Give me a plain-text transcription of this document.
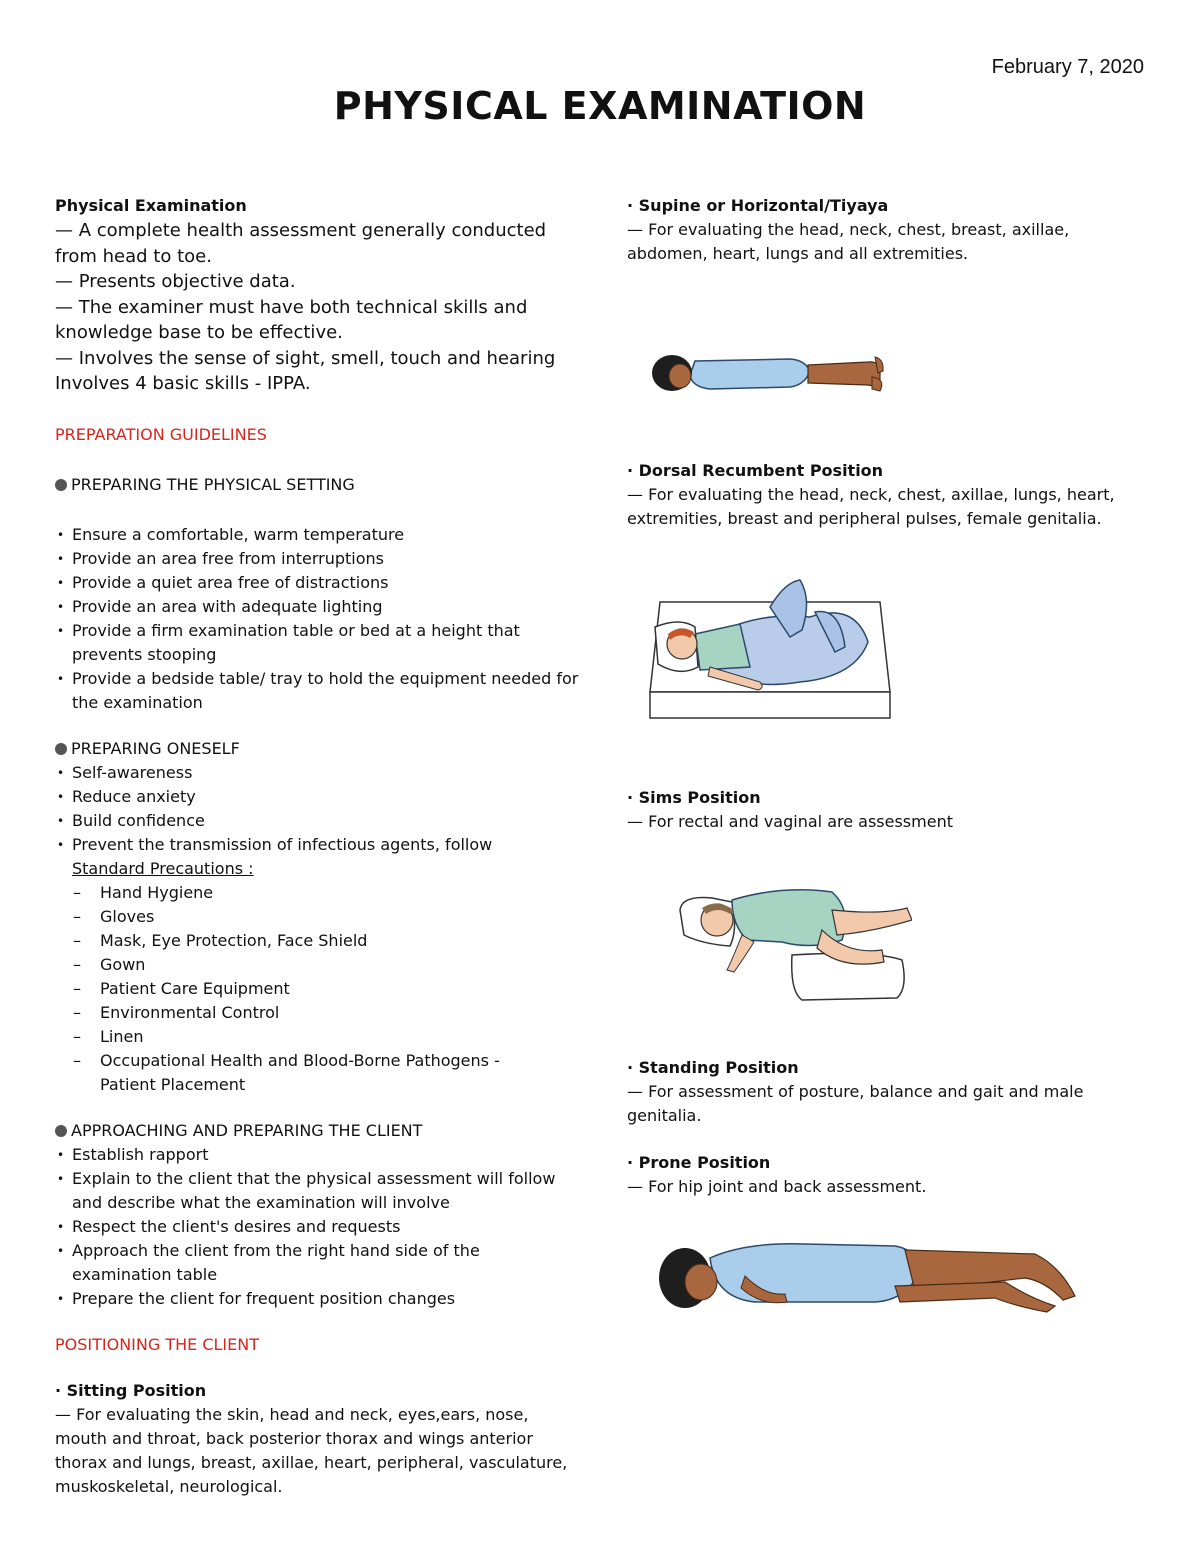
February 7, 2020
PHYSICAL EXAMINATION
Physical Examination
— A complete health assessment generally conducted from head to toe.
— Presents objective data.
— The examiner must have both technical skills and knowledge base to be effective.
— Involves the sense of sight, smell, touch and hearing
Involves 4 basic skills - IPPA.

PREPARATION GUIDELINES

PREPARING THE PHYSICAL SETTING

• Ensure a comfortable, warm temperature
• Provide an area free from interruptions
• Provide a quiet area free of distractions
• Provide an area with adequate lighting
• Provide a firm examination table or bed at a height that prevents stooping
• Provide a bedside table/ tray to hold the equipment needed for the examination

PREPARING ONESELF

• Self-awareness
• Reduce anxiety
• Build confidence
• Prevent the transmission of infectious agents, follow
Standard Precautions :
– Hand Hygiene
– Gloves
– Mask, Eye Protection, Face Shield
– Gown
– Patient Care Equipment
– Environmental Control
– Linen
– Occupational Health and Blood-Borne Pathogens - Patient Placement

APPROACHING AND PREPARING THE CLIENT

• Establish rapport
• Explain to the client that the physical assessment will follow and describe what the examination will involve
• Respect the client's desires and requests
• Approach the client from the right hand side of the examination table
• Prepare the client for frequent position changes

POSITIONING THE CLIENT

· Sitting Position

— For evaluating the skin, head and neck, eyes,ears, nose, mouth and throat, back posterior thorax and wings anterior thorax and lungs, breast, axillae, heart, peripheral, vasculature, muskoskeletal, neurological.

· Supine or Horizontal/Tiyaya

— For evaluating the head, neck, chest, breast, axillae, abdomen, heart, lungs and all extremities.

· Dorsal Recumbent Position

— For evaluating the head, neck, chest, axillae, lungs, heart, extremities, breast and peripheral pulses, female genitalia.

· Sims Position

— For rectal and vaginal are assessment

· Standing Position

— For assessment of posture, balance and gait and male genitalia.

· Prone Position

— For hip joint and back assessment.
